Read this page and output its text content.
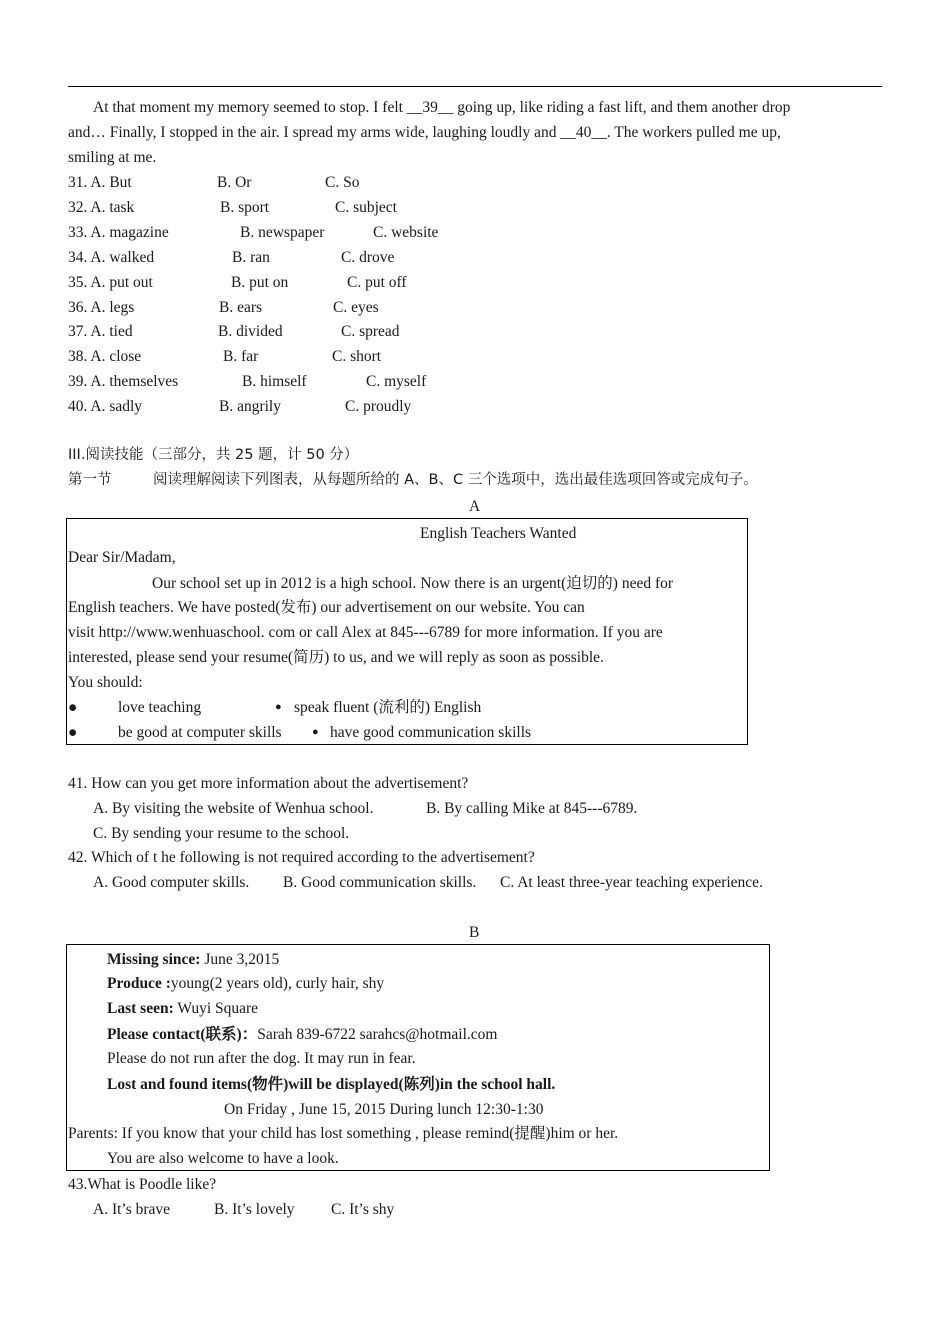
At that moment my memory seemed to stop. I felt __39__ going up, like riding a fast lift, and them another drop
and… Finally, I stopped in the air. I spread my arms wide, laughing loudly and __40__. The workers pulled me up,
smiling at me.
31. A. But	B. Or	C. So
32. A. task	B. sport	C. subject
33. A. magazine	B. newspaper	C. website
34. A. walked	B. ran	C. drove
35. A. put out	B. put on	C. put off
36. A. legs	B. ears	C. eyes
37. A. tied	B. divided	C. spread
38. A. close	B. far	C. short
39. A. themselves	B. himself	C. myself
40. A. sadly	B. angrily	C. proudly
III.阅读技能（三部分，共 25 题，计 50 分）
第一节	阅读理解阅读下列图表，从每题所给的 A、B、C 三个选项中，选出最佳选项回答或完成句子。
A
English Teachers Wanted
Dear Sir/Madam,
Our school set up in 2012 is a high school. Now there is an urgent(迫切的) need for
English teachers. We have posted(发布) our advertisement on our website. You can
visit http://www.wenhuaschool. com or call Alex at 845---6789 for more information. If you are
interested, please send your resume(简历) to us, and we will reply as soon as possible.
You should:
●	love teaching	● speak fluent (流利的) English
●	be good at computer skills	● have good communication skills
41. How can you get more information about the advertisement?
A. By visiting the website of Wenhua school.	B. By calling Mike at 845---6789.
C. By sending your resume to the school.
42. Which of t he following is not required according to the advertisement?
A. Good computer skills. B. Good communication skills. C. At least three-year teaching experience.
B
Missing since: June 3,2015
Produce :young(2 years old), curly hair, shy
Last seen: Wuyi Square
Please contact(联系)：Sarah 839-6722 sarahcs@hotmail.com
Please do not run after the dog. It may run in fear.
Lost and found items(物件)will be displayed(陈列)in the school hall.
On Friday , June 15, 2015 During lunch 12:30-1:30
Parents: If you know that your child has lost something , please remind(提醒)him or her.
You are also welcome to have a look.
43.What is Poodle like?
A. It’s brave	B. It’s lovely C. It’s shy
